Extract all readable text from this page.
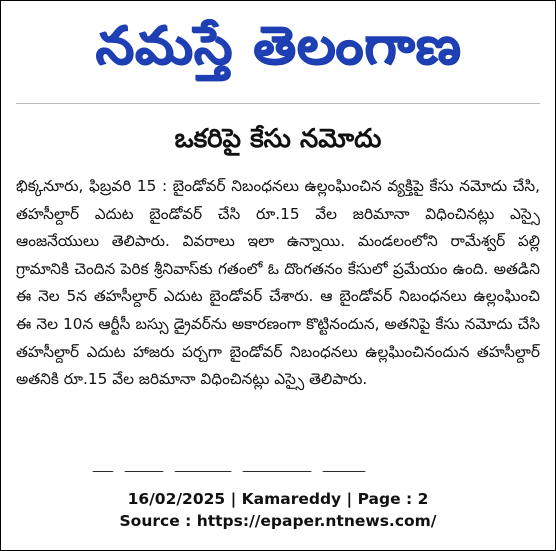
నమస్తే తెలంగాణ
ఒకరిపై కేసు నమోదు
భిక్కనూరు, ఫిబ్రవరి 15 : బైండోవర్ నిబంధనలు ఉల్లంఘించిన వ్యక్తిపై కేసు నమోదు చేసి, తహసీల్దార్ ఎదుట బైండోవర్ చేసి రూ.15 వేల జరిమానా విధించినట్లు ఎస్సై ఆంజనేయులు తెలిపారు. వివరాలు ఇలా ఉన్నాయి. మండలంలోని రామేశ్వర్ పల్లి గ్రామానికి చెందిన పెరిక శ్రీనివాస్‌కు గతంలో ఓ దొంగతనం కేసులో ప్రమేయం ఉంది. అతడిని ఈ నెల 5న తహసీల్దార్ ఎదుట బైండోవర్ చేశారు. ఆ బైండోవర్ నిబంధనలు ఉల్లంఘించి ఈ నెల 10న ఆర్టీసీ బస్సు డ్రైవర్‌ను అకారణంగా కొట్టినందున, అతనిపై కేసు నమోదు చేసి తహసీల్దార్ ఎదుట హాజరు పర్చగా బైండోవర్ నిబంధనలు ఉల్లఘించినందున తహసీల్దార్ అతనికి రూ.15 వేల జరిమానా విధించినట్లు ఎస్సై తెలిపారు.
16/02/2025 | Kamareddy | Page : 2
Source : https://epaper.ntnews.com/
